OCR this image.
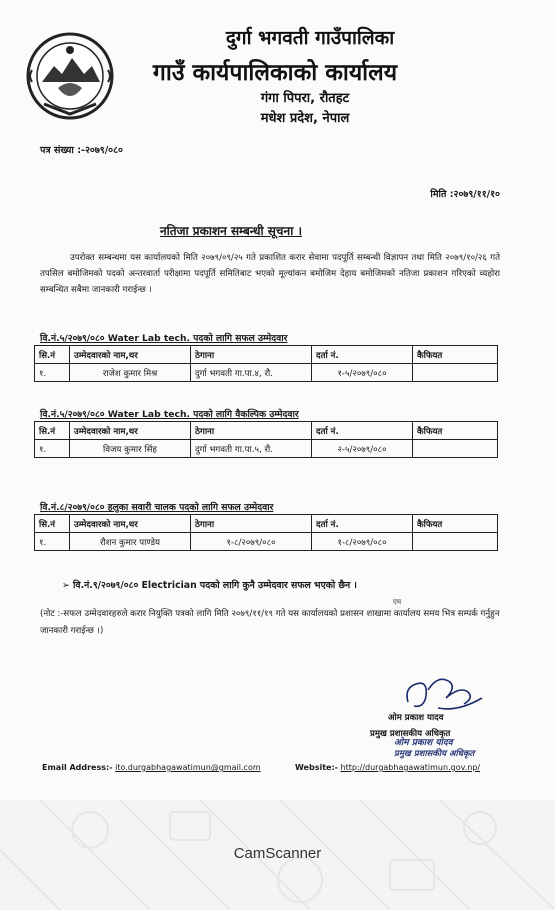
दुर्गा भगवती गाउँपालिका
गाउँ कार्यपालिकाको कार्यालय
गंगा पिपरा, रौतहट
मधेश प्रदेश, नेपाल
पत्र संख्या :-२०७९/०८०
मिति :२०७९/११/१०
नतिजा प्रकाशन सम्बन्धी सूचना ।
उपरोक्त सम्बन्धमा यस कार्यालयको मिति २०७९/०९/२५ गते प्रकाशित करार सेवामा पदपूर्ति सम्बन्धी विज्ञापन तथा मिति २०७९/१०/२६ गते तपसिल बमोजिमको पदको अन्तरवार्ता परीक्षामा पदपूर्ति समितिबाट भएको मूल्यांकन बमोजिम देहाय बमोजिमको नतिजा प्रकाशन गरिएको व्यहोरा सम्बन्धित सबैमा जानकारी गराईन्छ ।
वि.नं.५/२०७९/०८० Water Lab tech. पदको लागि सफल उम्मेदवार
सि.नं	उम्मेदवारको नाम,थर	ठेगाना	दर्ता नं.	कैफियत
१.	राजेश कुमार मिश्र	दुर्गा भगवती गा.पा.४, रौ.	१-५/२०७९/०८०	
वि.नं.५/२०७९/०८० Water Lab tech. पदको लागि वैकल्पिक उम्मेदवार
सि.नं	उम्मेदवारको नाम,थर	ठेगाना	दर्ता नं.	कैफियत
१.	विजय कुमार सिंह	दुर्गा भगवती गा.पा.५, रौ.	२-५/२०७९/०८०	
वि.नं.८/२०७९/०८० हलुका सवारी चालक पदको लागि सफल उम्मेदवार
सि.नं	उम्मेदवारको नाम,थर	ठेगाना	दर्ता नं.	कैफियत
१.	रौशन कुमार पाण्डेय	१-८/२०७९/०८०	१-८/२०७९/०८०	
➢ वि.नं.९/२०७९/०८० Electrician पदको लागि कुनै उम्मेदवार सफल भएको छैन ।
एम
(नोट :-सफल उम्मेदवारहरुले करार नियुक्ति पत्रको लागि मिति २०७९/११/१९ गते यस कार्यालयको प्रशासन शाखामा कार्यालय समय भित्र सम्पर्क गर्नुहुन जानकारी गराईन्छ ।)
ओम प्रकाश यादव
प्रमुख प्रशासकीय अधिकृत
ओम प्रकाश यादव
प्रमुख प्रशासकीय अधिकृत
Email Address:- ito.durgabhagawatimun@gmail.com	Website:- http://durgabhagawatimun.gov.np/
CamScanner
